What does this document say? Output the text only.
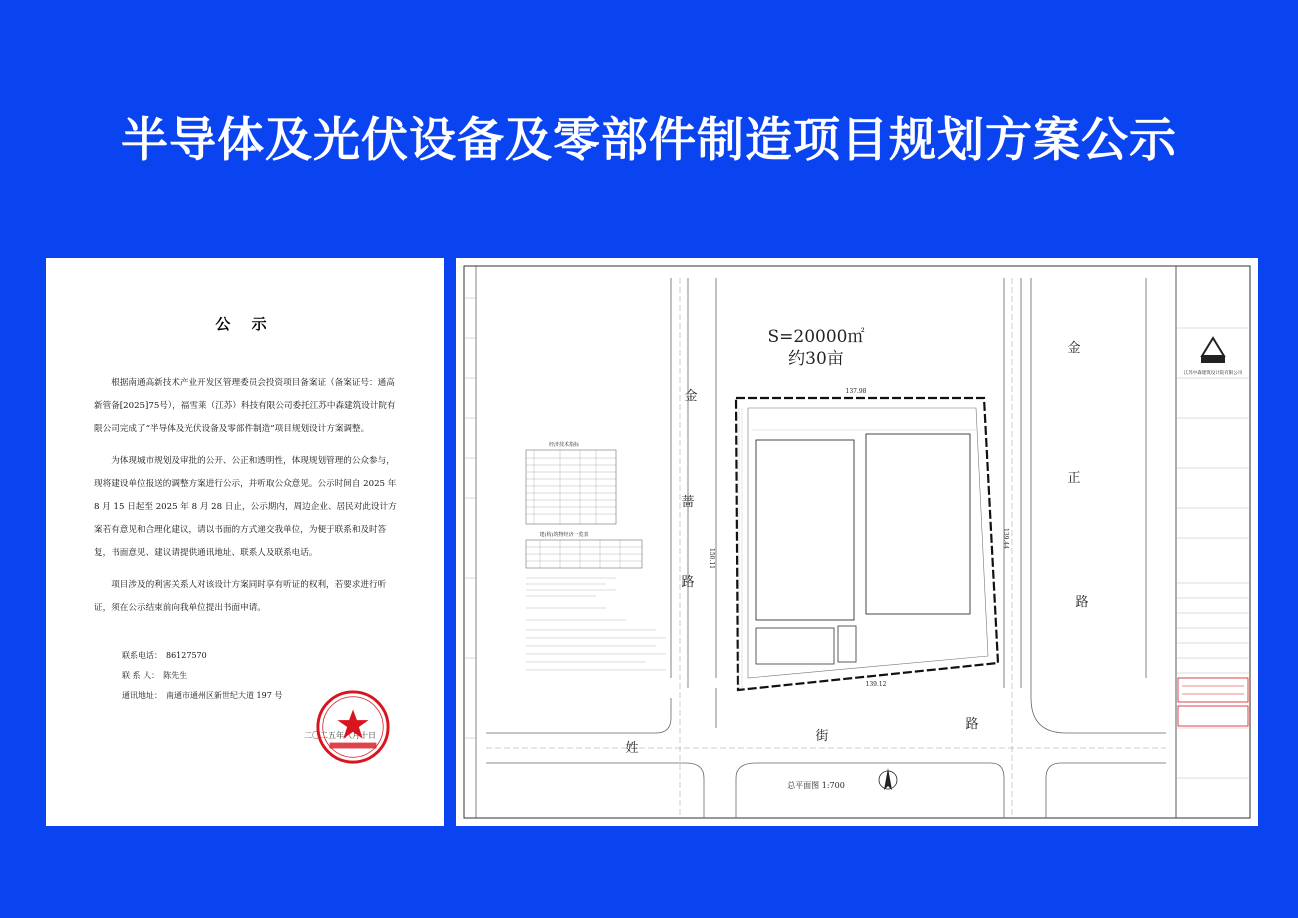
半导体及光伏设备及零部件制造项目规划方案公示
公 示

根据南通高新技术产业开发区管理委员会投资项目备案证（备案证号：通高新管备[2025]75号），福雪莱（江苏）科技有限公司委托江苏中森建筑设计院有限公司完成了“半导体及光伏设备及零部件制造”项目规划设计方案调整。

为体现城市规划及审批的公开、公正和透明性，体现规划管理的公众参与，现将建设单位报送的调整方案进行公示，并听取公众意见。公示时间自 2025 年 8 月 15 日起至 2025 年 8 月 28 日止，公示期内，周边企业、居民对此设计方案若有意见和合理化建议，请以书面的方式递交我单位，为便于联系和及时答复，书面意见、建议请提供通讯地址、联系人及联系电话。

项目涉及的利害关系人对该设计方案同时享有听证的权利，若要求进行听证，须在公示结束前向我单位提出书面申请。

联系电话： 86127570
联 系 人： 陈先生
通讯地址： 南通市通州区新世纪大道 197 号
二〇二五年八月十日
江苏中森建筑设计院有限公司
经济技术指标
建(构)筑物经济一览表
S=20000㎡
约30亩
137.98
139.12
150.11
139.44
金
蔷
路
金
正
路
街
路
姓
总平面图 1:700
